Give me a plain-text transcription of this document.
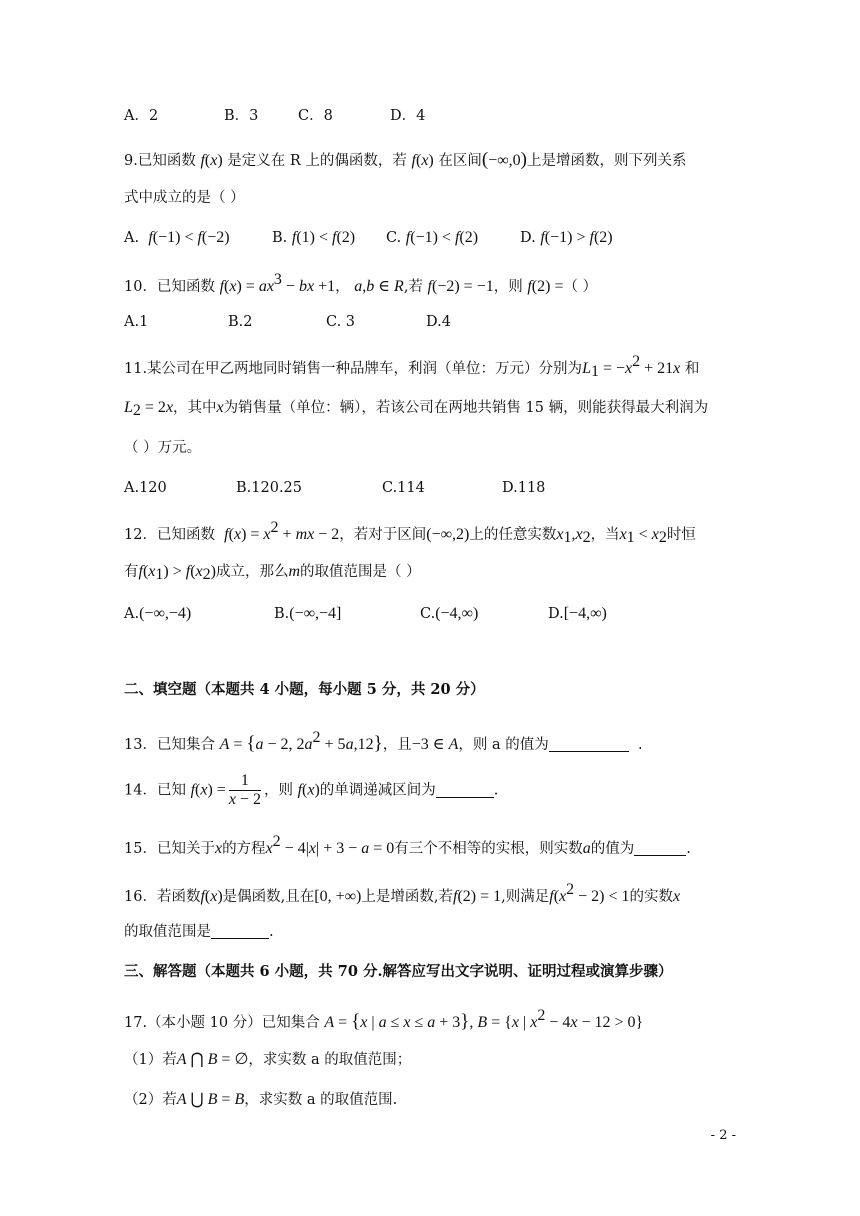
A．2	B．3	C．8	D．4
9.已知函数 f(x) 是定义在 R 上的偶函数，若 f(x) 在区间(−∞,0)上是增函数，则下列关系
式中成立的是（ ）
A. f(−1) < f(−2)	B. f(1) < f(2) C. f(−1) < f(2)	D. f(−1) > f(2)
10．已知函数 $f(x) = ax^3$ − bx +1， a,b ∈ R,若 f(−2) = −1，则 f(2) =（ ）
A.1	B.2	C. 3	D.4
11.某公司在甲乙两地同时销售一种品牌车，利润（单位：万元）分别为$L_1 = -x^2 + 21x$ 和
$L_2 = 2x$，其中x为销售量（单位：辆），若该公司在两地共销售 15 辆，则能获得最大利润为
（ ）万元。
A.120	B.120.25	C.114	D.118
12．已知函数 $f(x) = x^2$ + mx − 2，若对于区间(−∞,2)上的任意实数$x_1,x_2$，当$x_1 < x_2$时恒
有$f(x_1) > f(x_2)$成立，那么m的取值范围是（ ）
A.(−∞,−4)	B.(−∞,−4]	C.(−4,∞)	D.[−4,∞)
二、填空题（本题共 4 小题，每小题 5 分，共 20 分）
13．已知集合 A = {a − 2, $2a^2 + 5a,12$}，且−3 ∈ A，则 a 的值为	.
14．已知 $f(x) = \frac{1}{x - 2}$ ，则 f(x)的单调递减区间为	.
15．已知关于x的方程$x^2 - 4|x| + 3 - a = 0$有三个不相等的实根，则实数a的值为	.
16．若函数f(x)是偶函数,且在[0, +∞)上是增函数,若f(2) = 1,则满足$f(x^2 - 2) < 1$的实数x
的取值范围是	.
三、解答题（本题共 6 小题，共 70 分.解答应写出文字说明、证明过程或演算步骤）
17.（本小题 10 分）已知集合 A = {x | a ≤ x ≤ a + 3}, B = {x | $x^2 - 4x - 12 > 0$}
（1）若A ⋂ B = ∅，求实数 a 的取值范围；
（2）若A ⋃ B = B，求实数 a 的取值范围.
- 2 -
